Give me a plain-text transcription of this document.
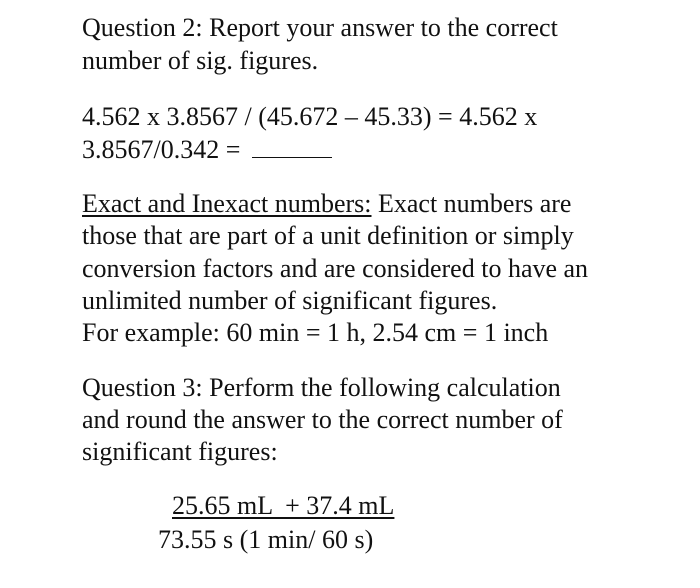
Question 2: Report your answer to the correct
number of sig. figures.
4.562 x 3.8567 / (45.672 – 45.33) = 4.562 x
3.8567/0.342 =
Exact and Inexact numbers: Exact numbers are
those that are part of a unit definition or simply
conversion factors and are considered to have an
unlimited number of significant figures.
For example: 60 min = 1 h, 2.54 cm = 1 inch
Question 3: Perform the following calculation
and round the answer to the correct number of
significant figures:
25.65 mL  + 37.4 mL
73.55 s (1 min/ 60 s)
